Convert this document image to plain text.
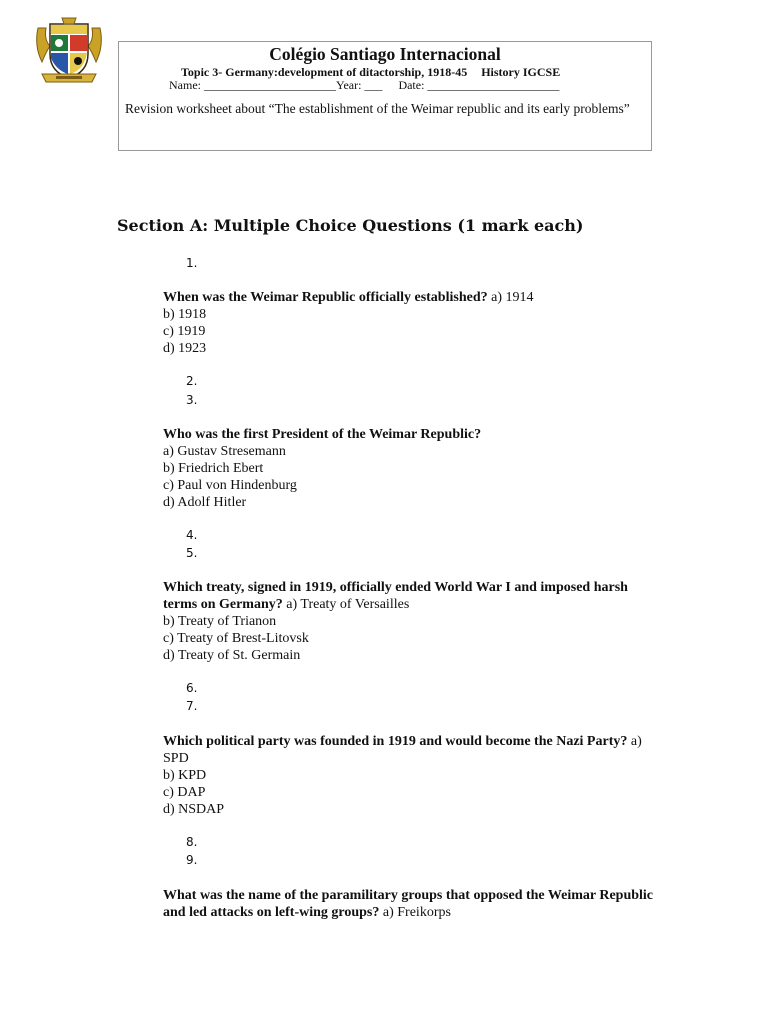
Colégio Santiago Internacional
Topic 3- Germany:development of ditactorship, 1918-45 History IGCSE
Name: ______________________Year: ___ Date: ______________________
Revision worksheet about “The establishment of the Weimar republic and its early problems”
Section A: Multiple Choice Questions (1 mark each)
1.
2.
3.
4.
5.
6.
7.
8.
9.
When was the Weimar Republic officially established? a) 1914
b) 1918
c) 1919
d) 1923
Who was the first President of the Weimar Republic?
a) Gustav Stresemann
b) Friedrich Ebert
c) Paul von Hindenburg
d) Adolf Hitler
Which treaty, signed in 1919, officially ended World War I and imposed harsh terms on Germany? a) Treaty of Versailles
b) Treaty of Trianon
c) Treaty of Brest-Litovsk
d) Treaty of St. Germain
Which political party was founded in 1919 and would become the Nazi Party? a) SPD
b) KPD
c) DAP
d) NSDAP
What was the name of the paramilitary groups that opposed the Weimar Republic and led attacks on left-wing groups? a) Freikorps
